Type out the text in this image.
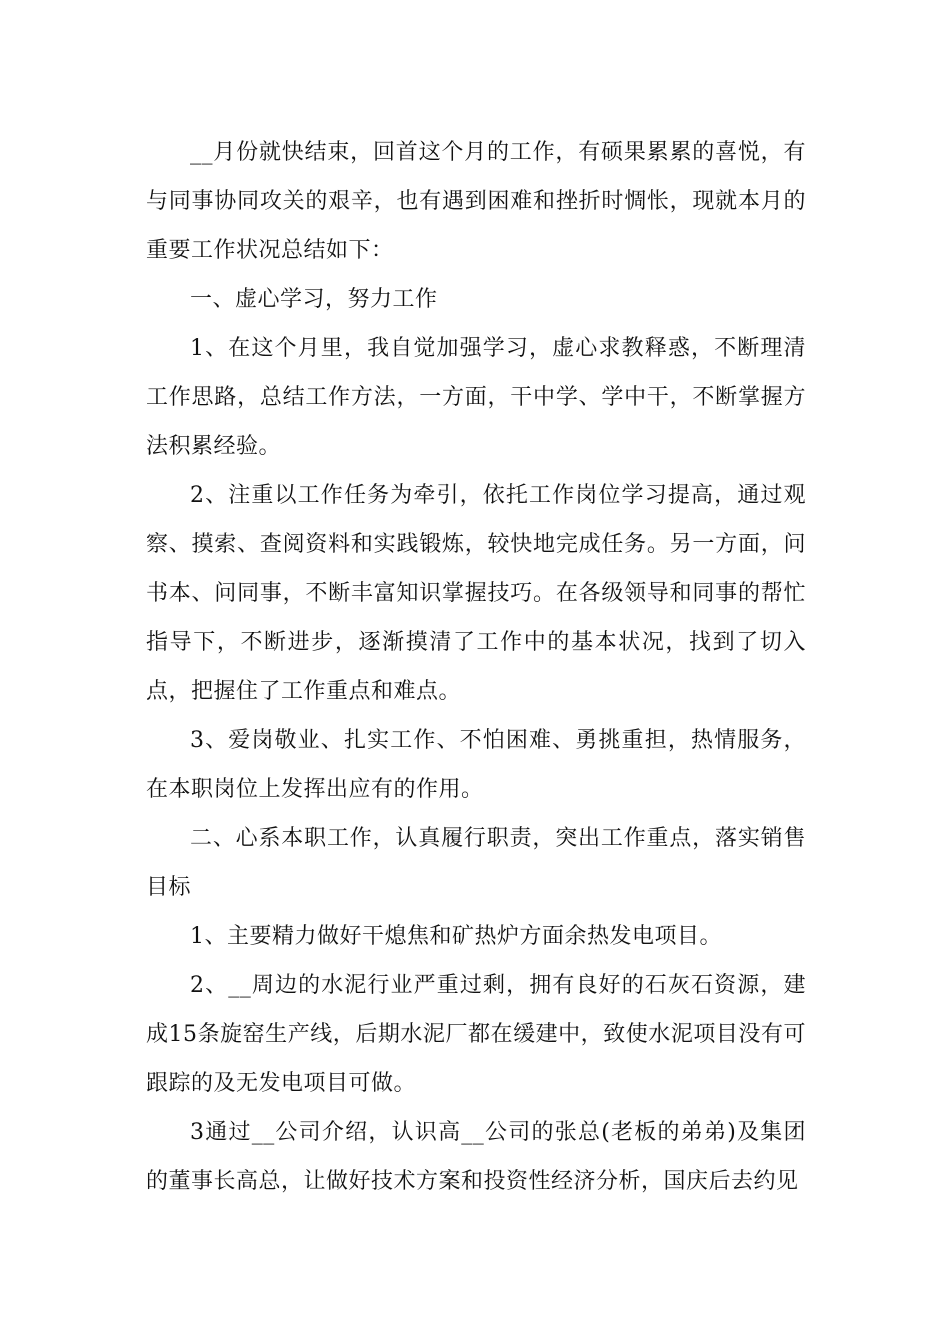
__月份就快结束，回首这个月的工作，有硕果累累的喜悦，有与同事协同攻关的艰辛，也有遇到困难和挫折时惆怅，现就本月的重要工作状况总结如下：

一、虚心学习，努力工作

1、在这个月里，我自觉加强学习，虚心求教释惑，不断理清工作思路，总结工作方法，一方面，干中学、学中干，不断掌握方法积累经验。

2、注重以工作任务为牵引，依托工作岗位学习提高，通过观察、摸索、查阅资料和实践锻炼，较快地完成任务。另一方面，问书本、问同事，不断丰富知识掌握技巧。在各级领导和同事的帮忙指导下，不断进步，逐渐摸清了工作中的基本状况，找到了切入点，把握住了工作重点和难点。

3、爱岗敬业、扎实工作、不怕困难、勇挑重担，热情服务，在本职岗位上发挥出应有的作用。

二、心系本职工作，认真履行职责，突出工作重点，落实销售目标

1、主要精力做好干熄焦和矿热炉方面余热发电项目。

2、__周边的水泥行业严重过剩，拥有良好的石灰石资源，建成15条旋窑生产线，后期水泥厂都在缓建中，致使水泥项目没有可跟踪的及无发电项目可做。

3通过__公司介绍，认识高__公司的张总(老板的弟弟)及集团的董事长高总，让做好技术方案和投资性经济分析，国庆后去约见
